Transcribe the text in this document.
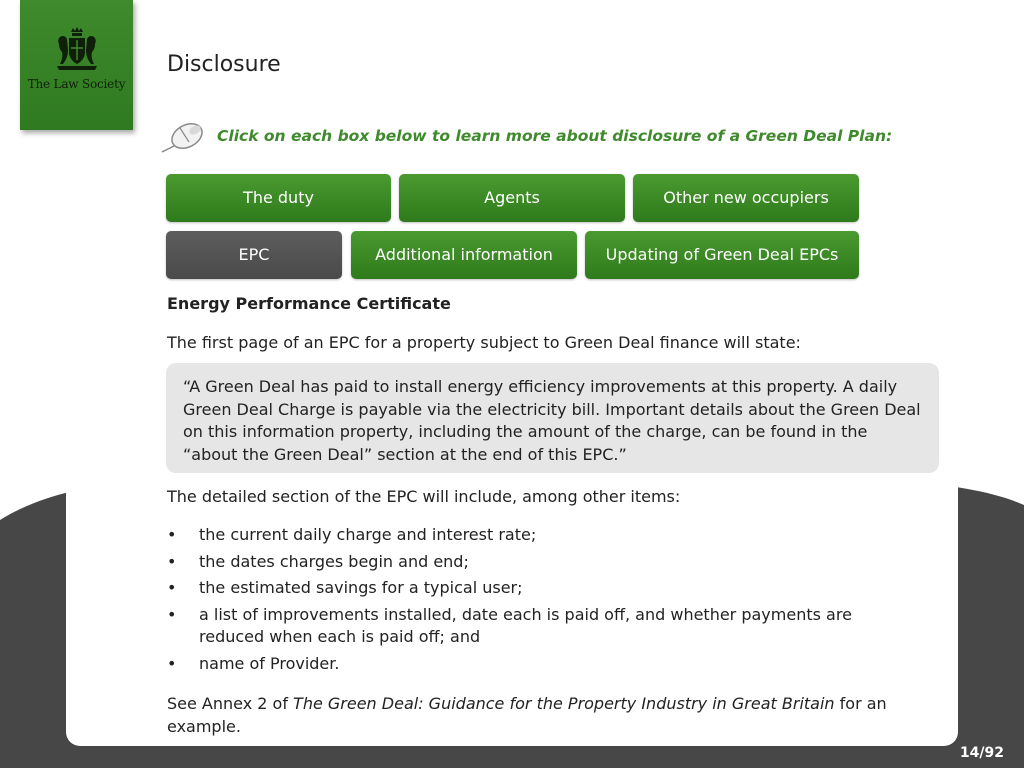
The Law Society
Disclosure
Click on each box below to learn more about disclosure of a Green Deal Plan:
The duty	Agents	Other new occupiers
EPC	Additional information	Updating of Green Deal EPCs
Energy Performance Certificate
The first page of an EPC for a property subject to Green Deal finance will state:
“A Green Deal has paid to install energy efficiency improvements at this property. A daily Green Deal Charge is payable via the electricity bill. Important details about the Green Deal on this information property, including the amount of the charge, can be found in the “about the Green Deal” section at the end of this EPC.”
The detailed section of the EPC will include, among other items:
• the current daily charge and interest rate;
• the dates charges begin and end;
• the estimated savings for a typical user;
• a list of improvements installed, date each is paid off, and whether payments are reduced when each is paid off; and
• name of Provider.
See Annex 2 of The Green Deal: Guidance for the Property Industry in Great Britain for an example.
14/92
